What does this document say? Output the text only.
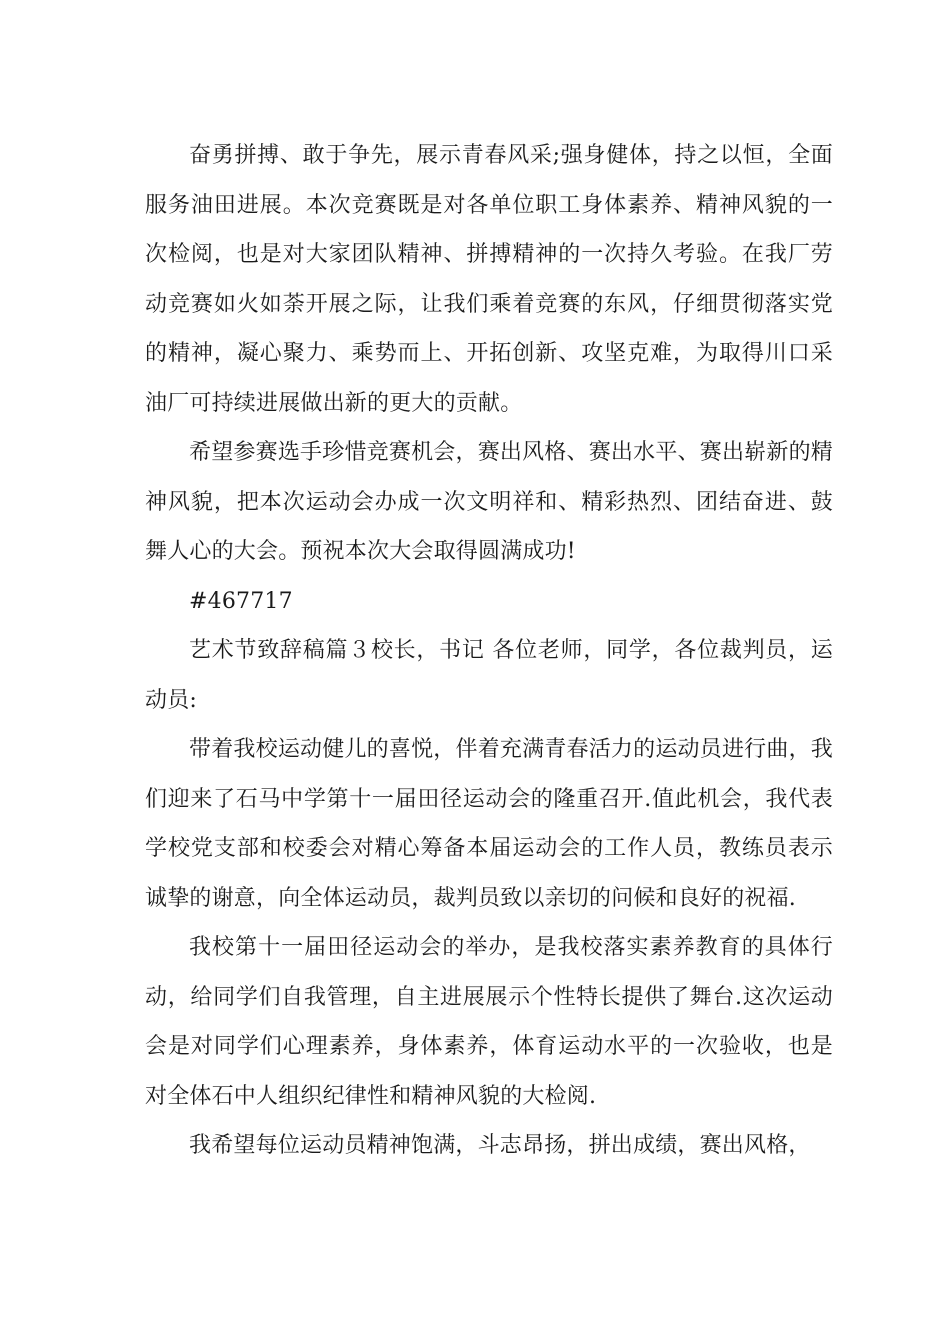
奋勇拼搏、敢于争先，展示青春风采;强身健体，持之以恒，全面服务油田进展。本次竞赛既是对各单位职工身体素养、精神风貌的一次检阅，也是对大家团队精神、拼搏精神的一次持久考验。在我厂劳动竞赛如火如荼开展之际，让我们乘着竞赛的东风，仔细贯彻落实党的精神，凝心聚力、乘势而上、开拓创新、攻坚克难，为取得川口采油厂可持续进展做出新的更大的贡献。

希望参赛选手珍惜竞赛机会，赛出风格、赛出水平、赛出崭新的精神风貌，把本次运动会办成一次文明祥和、精彩热烈、团结奋进、鼓舞人心的大会。预祝本次大会取得圆满成功!

#467717

艺术节致辞稿篇３校长，书记 各位老师，同学，各位裁判员，运动员:

带着我校运动健儿的喜悦，伴着充满青春活力的运动员进行曲，我们迎来了石马中学第十一届田径运动会的隆重召开.值此机会，我代表学校党支部和校委会对精心筹备本届运动会的工作人员，教练员表示诚挚的谢意，向全体运动员，裁判员致以亲切的问候和良好的祝福.

我校第十一届田径运动会的举办，是我校落实素养教育的具体行动，给同学们自我管理，自主进展展示个性特长提供了舞台.这次运动会是对同学们心理素养，身体素养，体育运动水平的一次验收，也是对全体石中人组织纪律性和精神风貌的大检阅.

我希望每位运动员精神饱满，斗志昂扬，拼出成绩，赛出风格，
